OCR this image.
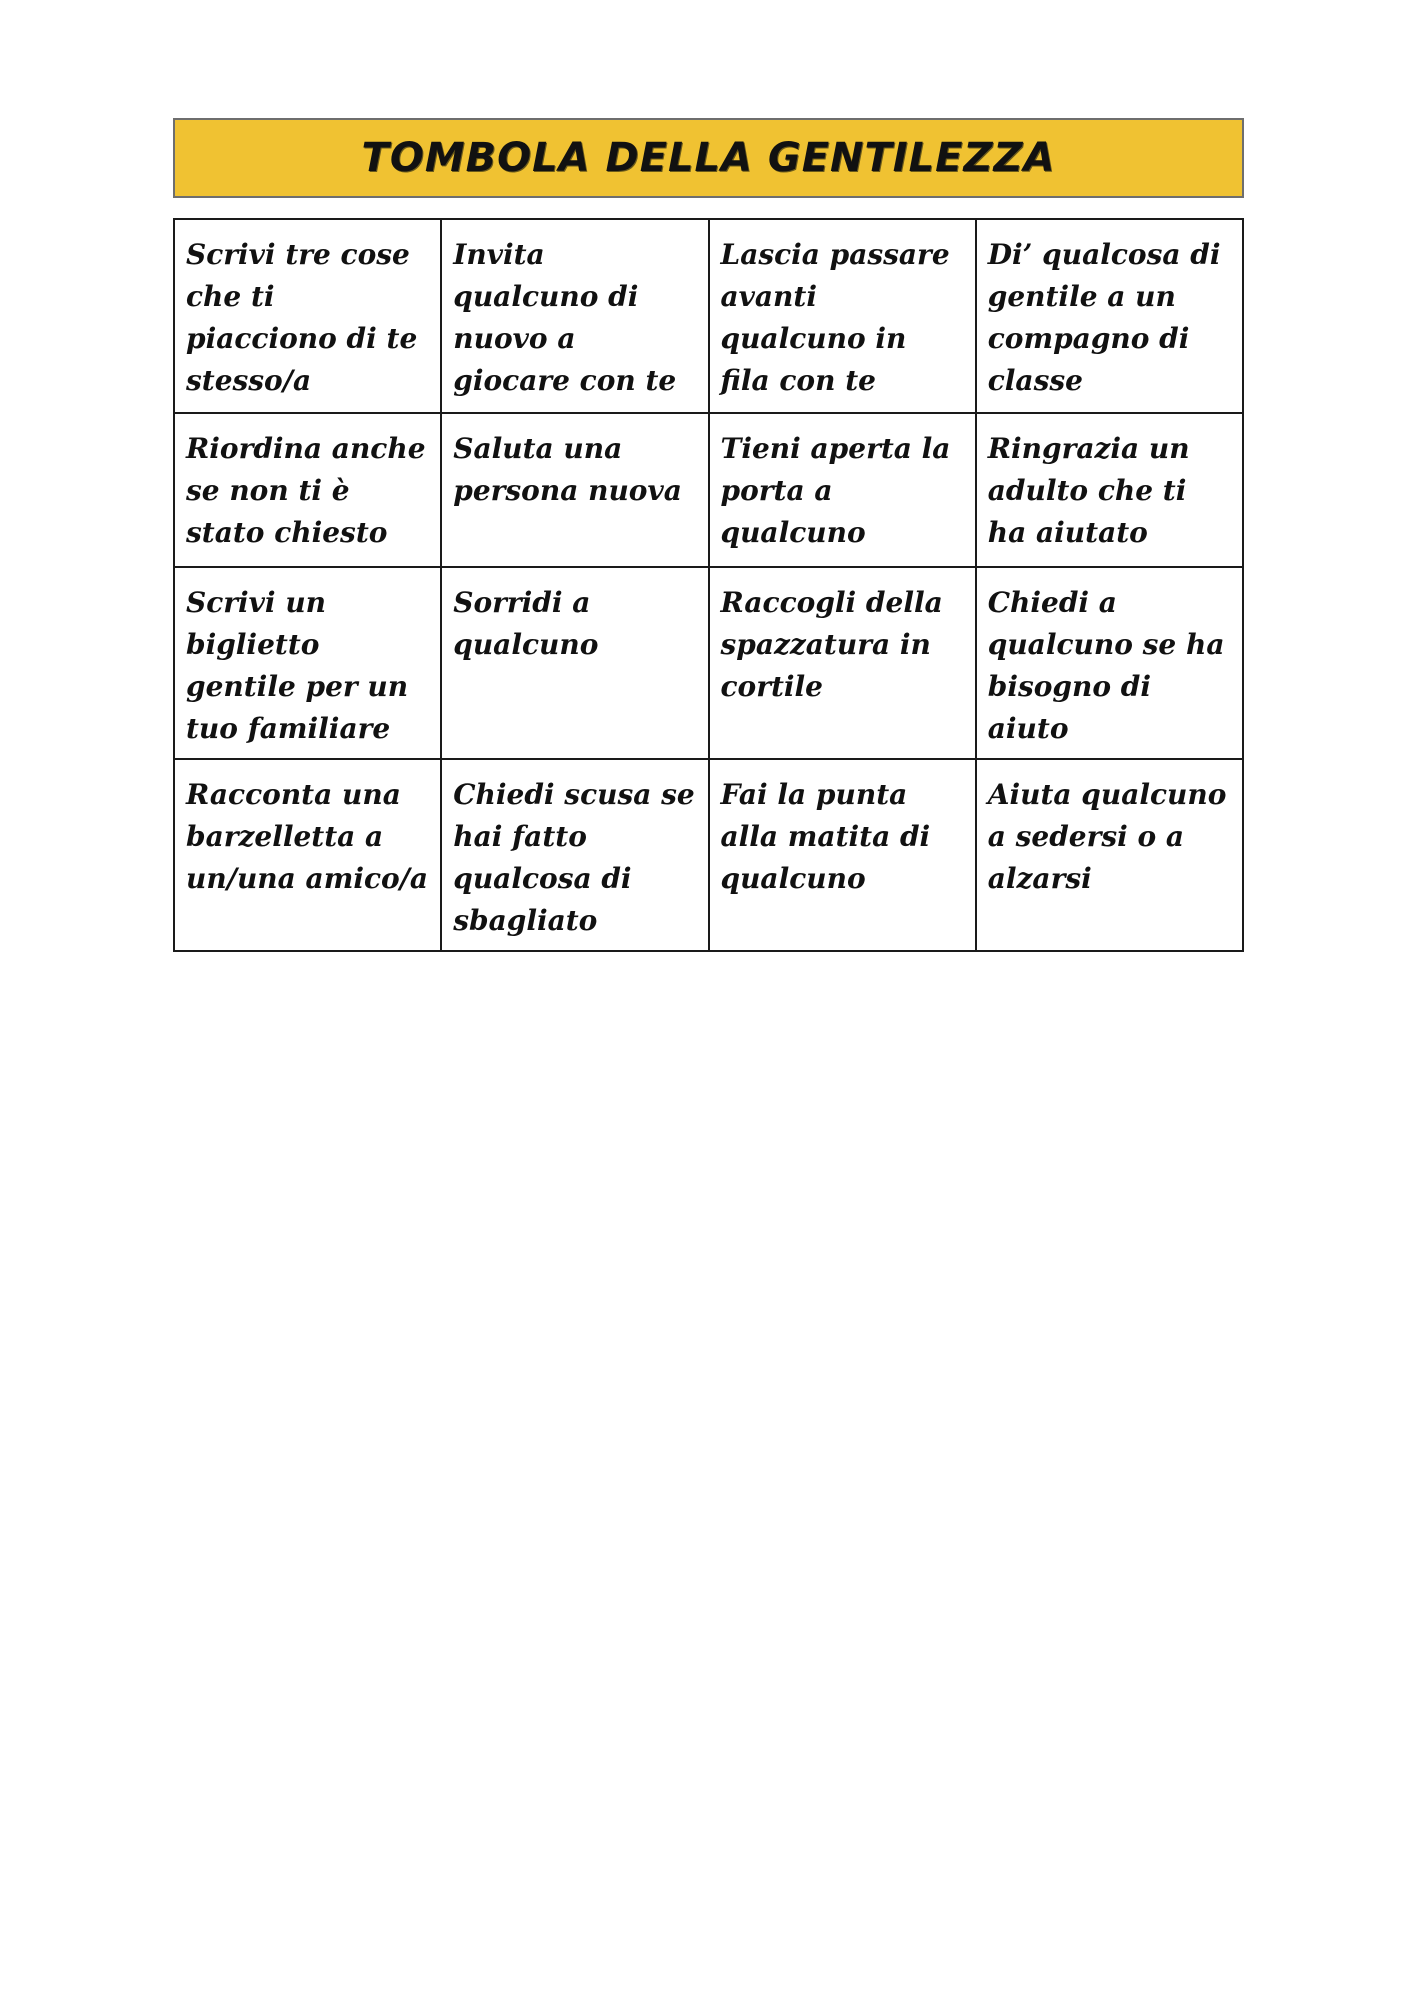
TOMBOLA DELLA GENTILEZZA
Scrivi tre cose che ti piacciono di te stesso/a	Invita qualcuno di nuovo a giocare con te	Lascia passare avanti qualcuno in fila con te	Di’ qualcosa di gentile a un compagno di classe
Riordina anche se non ti è stato chiesto	Saluta una persona nuova	Tieni aperta la porta a qualcuno	Ringrazia un adulto che ti ha aiutato
Scrivi un biglietto gentile per un tuo familiare	Sorridi a qualcuno	Raccogli della spazzatura in cortile	Chiedi a qualcuno se ha bisogno di aiuto
Racconta una barzelletta a un/una amico/a	Chiedi scusa se hai fatto qualcosa di sbagliato	Fai la punta alla matita di qualcuno	Aiuta qualcuno a sedersi o a alzarsi
